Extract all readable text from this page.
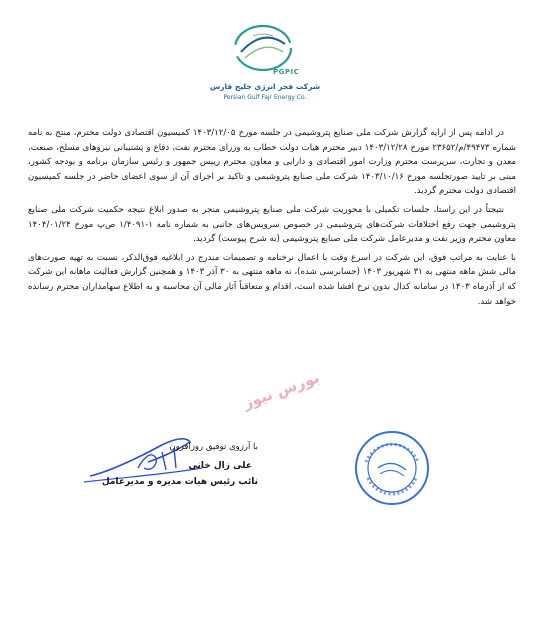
PGPIC
شرکت فجر انرژی خلیج فارس
Persian Gulf Fajr Energy Co.

در ادامه پس از ارایه گزارش شرکت ملی صنایع پتروشیمی در جلسه مورخ ۱۴۰۳/۱۲/۰۵ کمیسیون اقتصادی دولت محترم، منتج به نامه شماره ۴۹۴۷۳/م/۲۳۶۵۲ مورخ ۱۴۰۳/۱۲/۲۸ دبیر محترم هیات دولت خطاب به وزرای محترم نفت، دفاع و پشتیبانی نیروهای مسلح، صنعت، معدن و تجارت، سرپرست محترم وزارت امور اقتصادی و دارایی و معاون محترم رییس جمهور و رئیس سازمان برنامه و بودجه کشور، مبنی بر تایید صورتجلسه مورخ ۱۴۰۳/۱۰/۱۶ شرکت ملی صنایع پتروشیمی و تاکید بر اجرای آن از سوی اعضای حاضر در جلسه کمیسیون اقتصادی دولت محترم گردید.

نتیجتاً در این راستا، جلسات تکمیلی با محوریت شرکت ملی صنایع پتروشیمی منجر به صدور ابلاغ نتیجه حکمیت شرکت ملی صنایع پتروشیمی جهت رفع اختلافات شرکت‌های پتروشیمی در خصوص سرویس‌های جانبی به شماره نامه ۱-۱/۴۰۹۱ ص‌پ مورخ ۱۴۰۴/۰۱/۲۴ معاون محترم وزیر نفت و مدیرعامل شرکت ملی صنایع پتروشیمی (به شرح پیوست) گردید.

با عنایت به مراتب فوق، این شرکت در اسرع وقت با اعمال نرخنامه و تصمیمات مندرج در ابلاغیه فوق‌الذکر، نسبت به تهیه صورت‌های مالی شش ماهه منتهی به ۳۱ شهریور ۱۴۰۳ (حسابرسی شده)، نه ماهه منتهی به ۳۰ آذر ۱۴۰۳ و همچنین گزارش فعالیت ماهانه این شرکت که از آذرماه ۱۴۰۳ در سامانه کدال بدون نرخ افشا شده است، اقدام و متعاقباً آثار مالی آن محاسبه و به اطلاع سهامداران محترم رسانده خواهد شد.

بورس نیوز
با آرزوی توفیق روزافزون
علی زال خانی
نائب رئیس هیات مدیره و مدیرعامل
